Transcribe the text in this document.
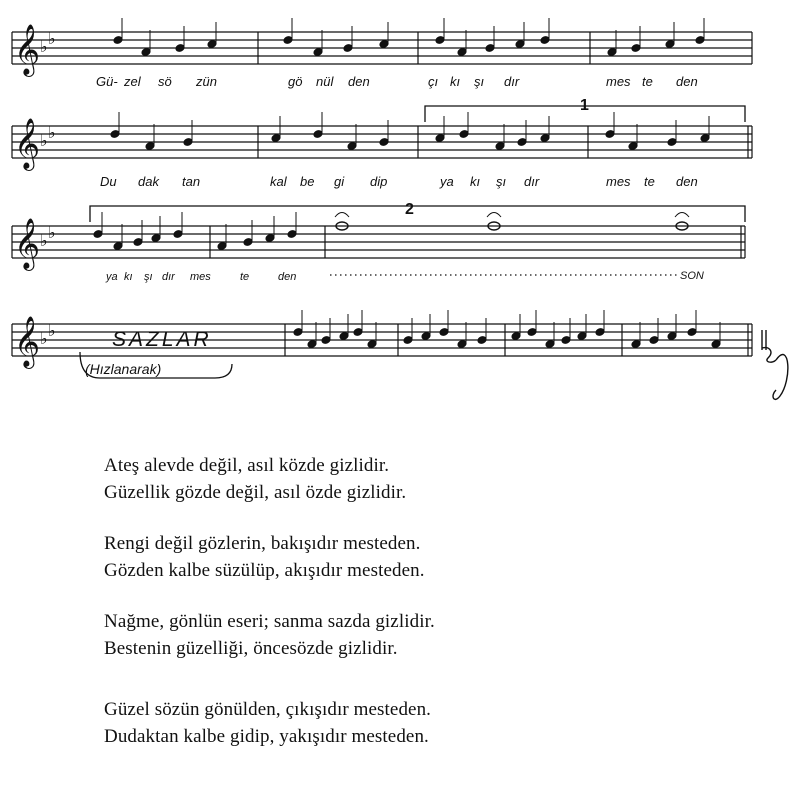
𝄞 ♭ ♭
𝄞 ♭ ♭
𝄞 ♭ ♭
𝄞 ♭ ♭
Gü- zel sö zün	gö nül den	çı kı şı dır	mes te den
Du dak tan	kal be gi dip	ya kı şı dır	mes te den
ya kı şı dır mes	te	den
1
2
SON
SAZLAR
(Hızlanarak)
Ateş alevde değil, asıl közde gizlidir.
Güzellik gözde değil, asıl özde gizlidir.
Rengi değil gözlerin, bakışıdır mesteden.
Gözden kalbe süzülüp, akışıdır mesteden.
Nağme, gönlün eseri; sanma sazda gizlidir.
Bestenin güzelliği, öncesözde gizlidir.
Güzel sözün gönülden, çıkışıdır mesteden.
Dudaktan kalbe gidip, yakışıdır mesteden.
